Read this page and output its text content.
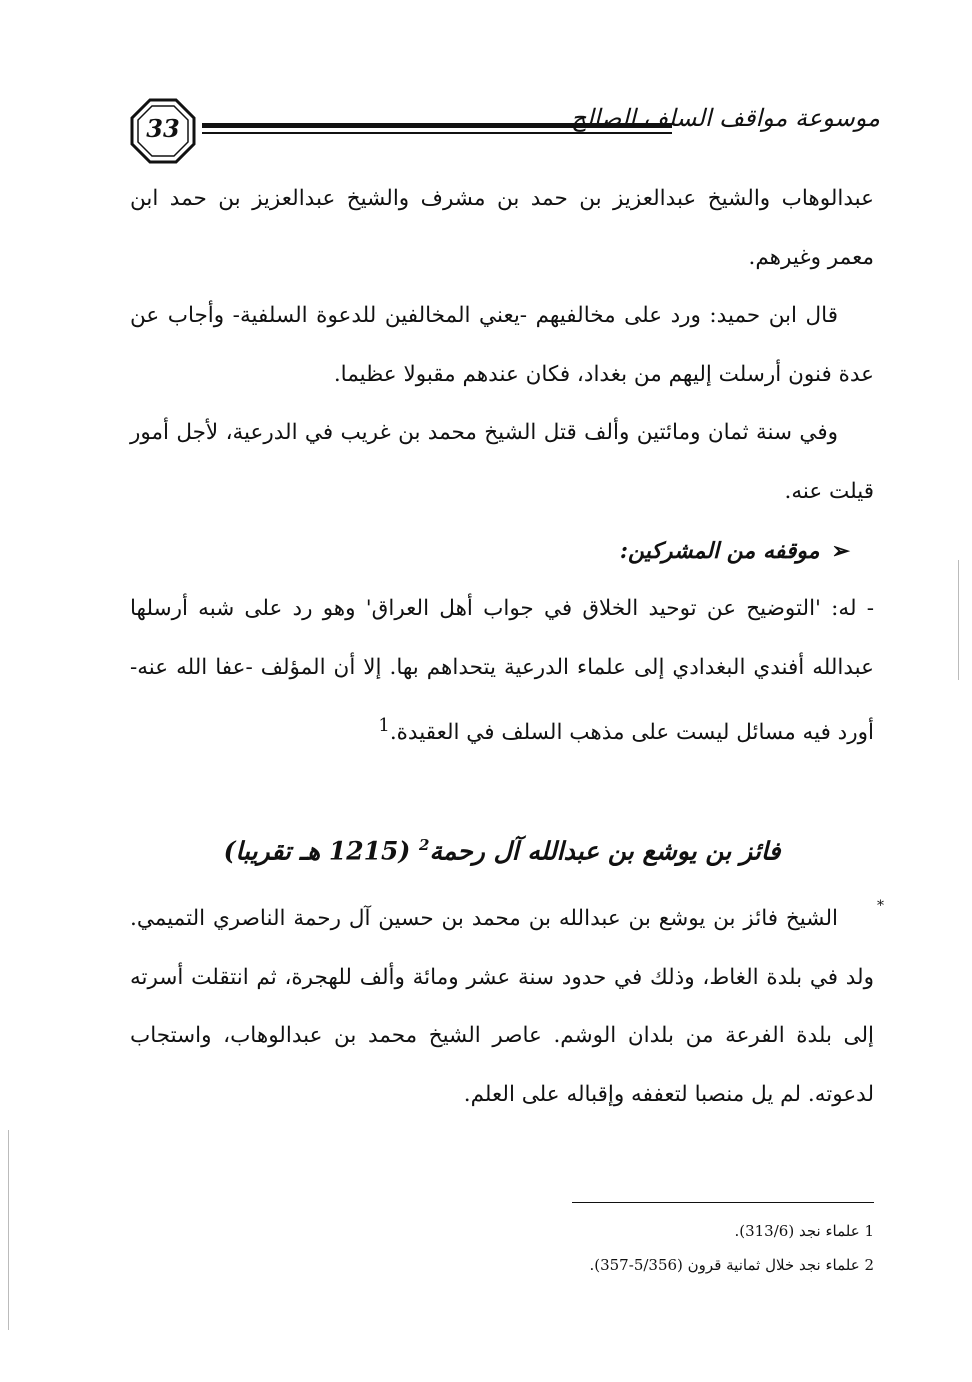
33	موسوعة مواقف السلف الصالح

عبدالوهاب والشيخ عبدالعزيز بن حمد بن مشرف والشيخ عبدالعزيز بن حمد ابن معمر وغيرهم.

قال ابن حميد: ورد على مخالفيهم -يعني المخالفين للدعوة السلفية- وأجاب عن عدة فنون أرسلت إليهم من بغداد، فكان عندهم مقبولا عظيما.

وفي سنة ثمان ومائتين وألف قتل الشيخ محمد بن غريب في الدرعية، لأجل أمور قيلت عنه.

➢موقفه من المشركين:

- له: 'التوضيح عن توحيد الخلاق في جواب أهل العراق' وهو رد على شبه أرسلها عبدالله أفندي البغدادي إلى علماء الدرعية يتحداهم بها. إلا أن المؤلف -عفا الله عنه- أورد فيه مسائل ليست على مذهب السلف في العقيدة.$^1$

فائز بن يوشع بن عبدالله آل رحمة$^2$ (1215 هـ تقريبا)
*

الشيخ فائز بن يوشع بن عبدالله بن محمد بن حسين آل رحمة الناصري التميمي. ولد في بلدة الغاط، وذلك في حدود سنة عشر ومائة وألف للهجرة، ثم انتقلت أسرته إلى بلدة الفرعة من بلدان الوشم. عاصر الشيخ محمد بن عبدالوهاب، واستجاب لدعوته. لم يل منصبا لتعففه وإقباله على العلم.

1 علماء نجد (313/6).

2 علماء نجد خلال ثمانية قرون (5/356-357).
